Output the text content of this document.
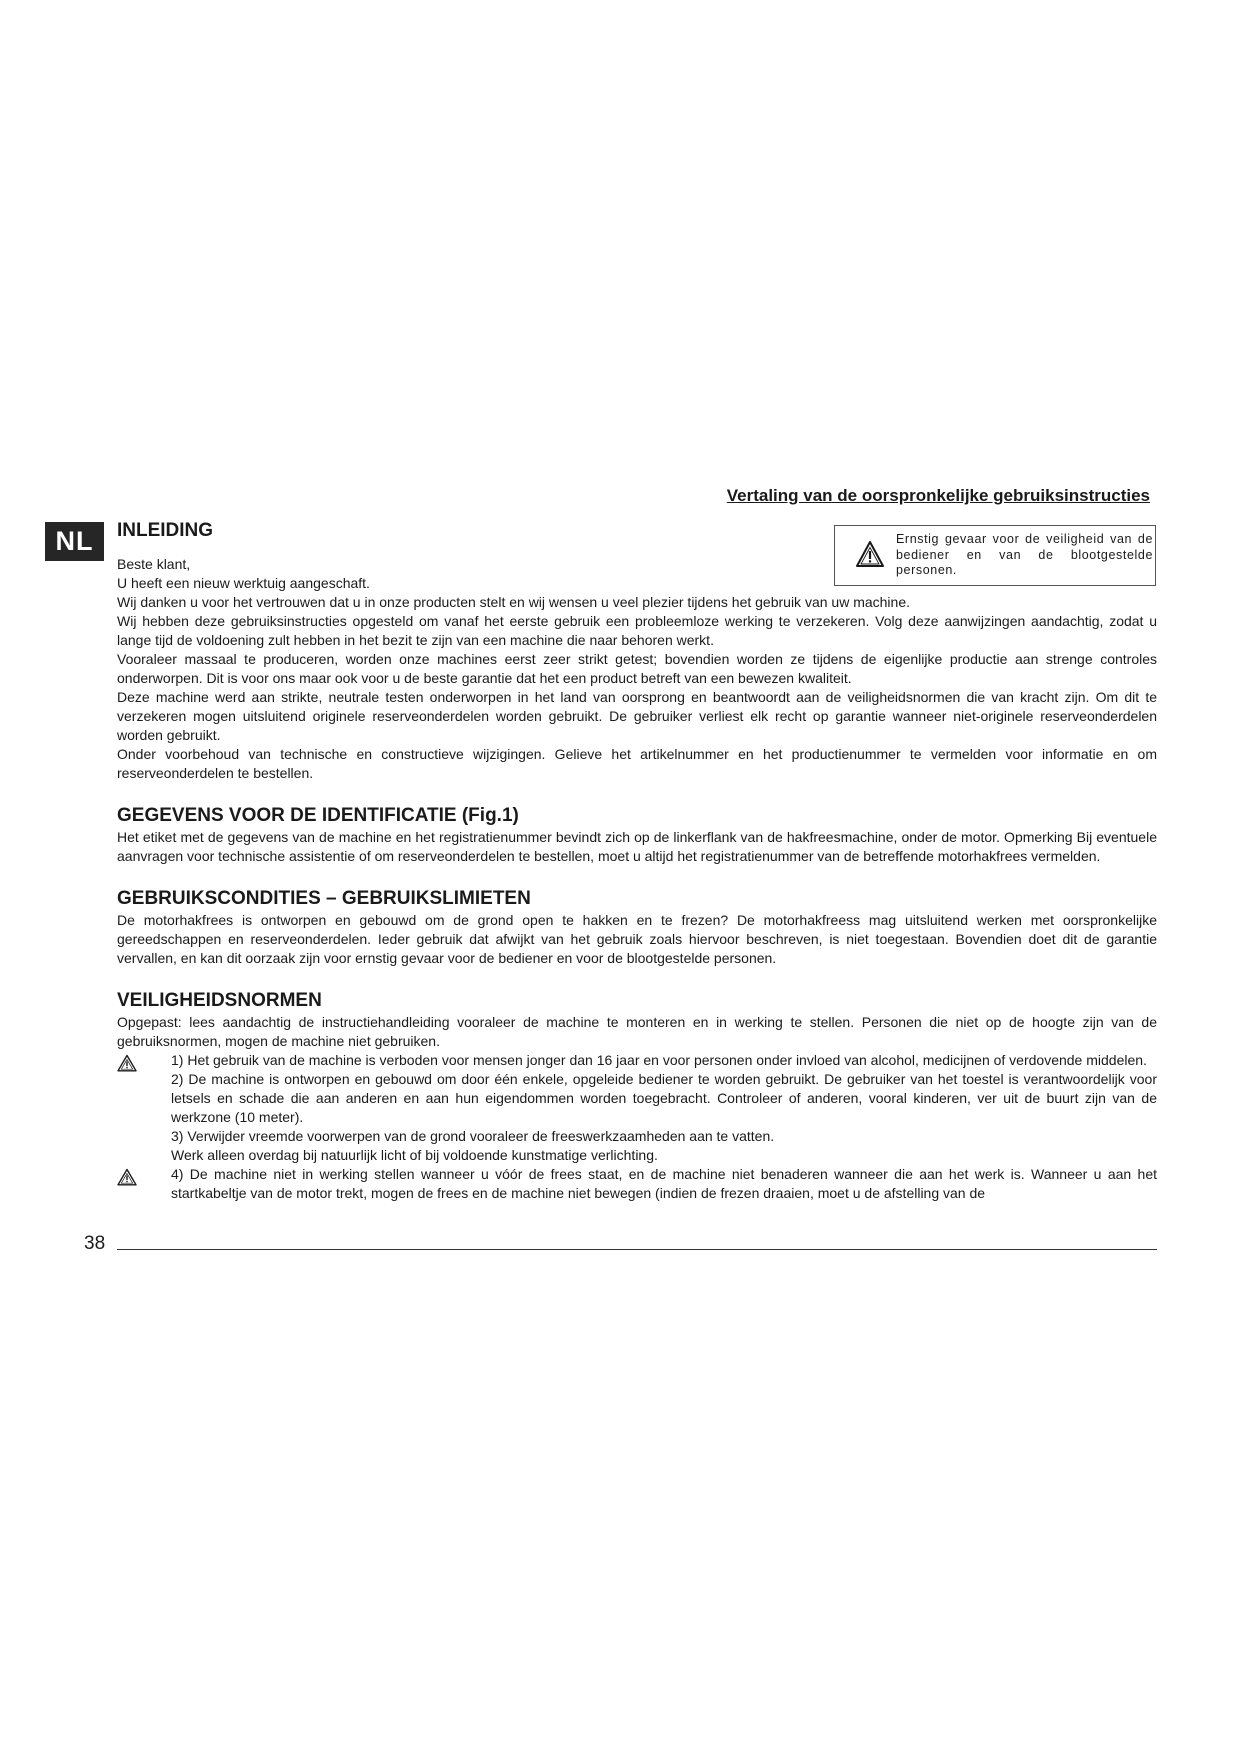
Vertaling van de oorspronkelijke gebruiksinstructies
NL	Ernstig gevaar voor de veiligheid van de bediener en van de blootgestelde personen.
INLEIDING

Beste klant,

U heeft een nieuw werktuig aangeschaft.

Wij danken u voor het vertrouwen dat u in onze producten stelt en wij wensen u veel plezier tijdens het gebruik van uw machine.

Wij hebben deze gebruiksinstructies opgesteld om vanaf het eerste gebruik een probleemloze werking te verzekeren. Volg deze aanwijzingen aandachtig, zodat u lange tijd de voldoening zult hebben in het bezit te zijn van een machine die naar behoren werkt.

Vooraleer massaal te produceren, worden onze machines eerst zeer strikt getest; bovendien worden ze tijdens de eigenlijke productie aan strenge controles onderworpen. Dit is voor ons maar ook voor u de beste garantie dat het een product betreft van een bewezen kwaliteit.

Deze machine werd aan strikte, neutrale testen onderworpen in het land van oorsprong en beantwoordt aan de veiligheidsnormen die van kracht zijn. Om dit te verzekeren mogen uitsluitend originele reserveonderdelen worden gebruikt. De gebruiker verliest elk recht op garantie wanneer niet-originele reserveonderdelen worden gebruikt.

Onder voorbehoud van technische en constructieve wijzigingen. Gelieve het artikelnummer en het productienummer te vermelden voor informatie en om reserveonderdelen te bestellen.

GEGEVENS VOOR DE IDENTIFICATIE (Fig.1)

Het etiket met de gegevens van de machine en het registratienummer bevindt zich op de linkerflank van de hakfreesmachine, onder de motor. Opmerking Bij eventuele aanvragen voor technische assistentie of om reserveonderdelen te bestellen, moet u altijd het registratienummer van de betreffende motorhakfrees vermelden.

GEBRUIKSCONDITIES – GEBRUIKSLIMIETEN

De motorhakfrees is ontworpen en gebouwd om de grond open te hakken en te frezen? De motorhakfreess mag uitsluitend werken met oorspronkelijke gereedschappen en reserveonderdelen. Ieder gebruik dat afwijkt van het gebruik zoals hiervoor beschreven, is niet toegestaan. Bovendien doet dit de garantie vervallen, en kan dit oorzaak zijn voor ernstig gevaar voor de bediener en voor de blootgestelde personen.

VEILIGHEIDSNORMEN

Opgepast: lees aandachtig de instructiehandleiding vooraleer de machine te monteren en in werking te stellen. Personen die niet op de hoogte zijn van de gebruiksnormen, mogen de machine niet gebruiken.

1) Het gebruik van de machine is verboden voor mensen jonger dan 16 jaar en voor personen onder invloed van alcohol, medicijnen of verdovende middelen.

2) De machine is ontworpen en gebouwd om door één enkele, opgeleide bediener te worden gebruikt. De gebruiker van het toestel is verantwoordelijk voor letsels en schade die aan anderen en aan hun eigendommen worden toegebracht. Controleer of anderen, vooral kinderen, ver uit de buurt zijn van de werkzone (10 meter).

3) Verwijder vreemde voorwerpen van de grond vooraleer de freeswerkzaamheden aan te vatten.

Werk alleen overdag bij natuurlijk licht of bij voldoende kunstmatige verlichting.

4) De machine niet in werking stellen wanneer u vóór de frees staat, en de machine niet benaderen wanneer die aan het werk is. Wanneer u aan het startkabeltje van de motor trekt, mogen de frees en de machine niet bewegen (indien de frezen draaien, moet u de afstelling van de

38
